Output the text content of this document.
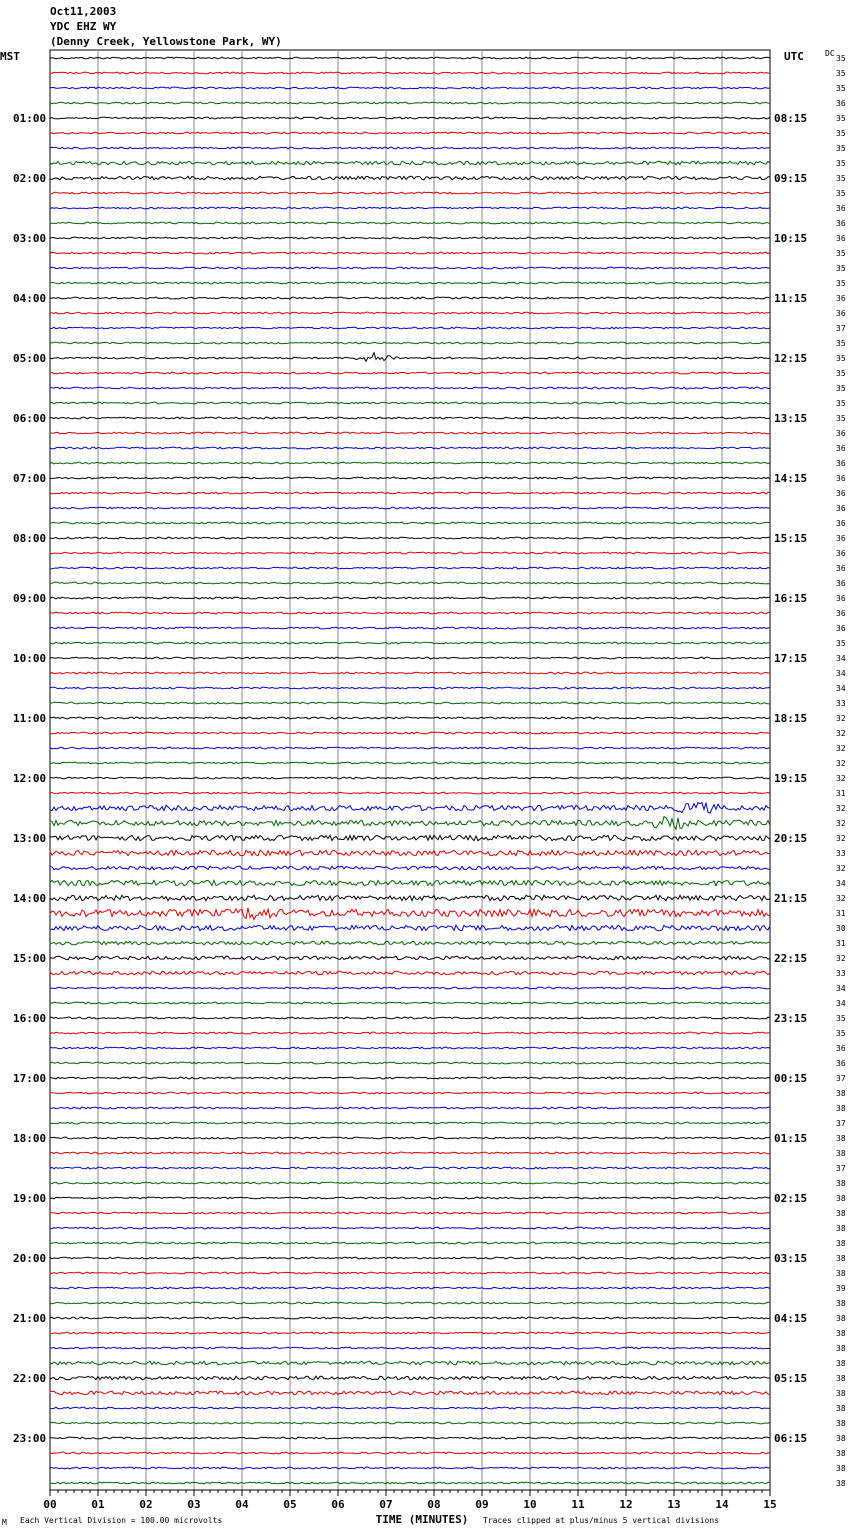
Oct11,2003
YDC EHZ WY
(Denny Creek, Yellowstone Park, WY)
MST	UTC	DC
01:00
02:00
03:00
04:00
05:00
06:00
07:00
08:00
09:00
10:00
11:00
12:00
13:00
14:00
15:00
16:00
17:00
18:00
19:00
20:00
21:00
22:00
23:00
08:15
09:15
10:15
11:15
12:15
13:15
14:15
15:15
16:15
17:15
18:15
19:15
20:15
21:15
22:15
23:15
00:15
01:15
02:15
03:15
04:15
05:15
06:15
35
35
35
36
35
35
35
35
35
35
36
36
36
35
35
35
36
36
37
35
35
35
35
35
35
36
36
36
36
36
36
36
36
36
36
36
36
36
36
35
34
34
34
33
32
32
32
32
32
31
32
32
32
33
32
34
32
31
30
31
32
33
34
34
35
35
36
36
37
38
38
37
38
38
37
38
38
38
38
38
38
38
39
38
38
38
38
38
38
38
38
38
38
38
38
38
00	01	02	03	04	05	06	07	08	09	10	11	12	13	14	15
TIME (MINUTES)
M Each Vertical Division = 100.00 microvolts	Traces clipped at plus/minus 5 vertical divisions
